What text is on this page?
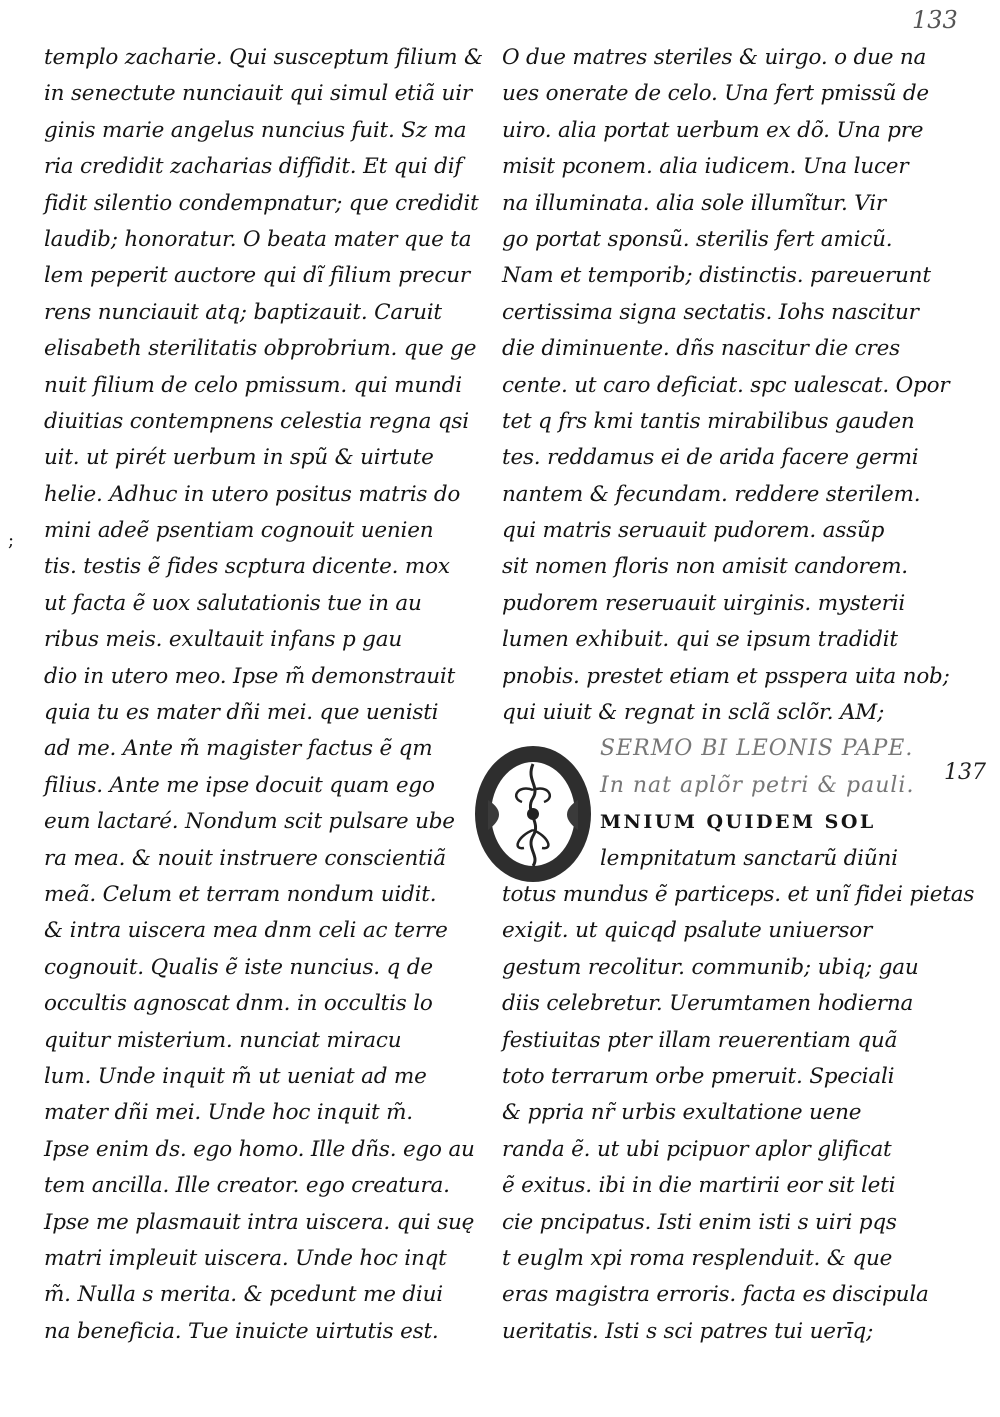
133
;
templo zacharie. Qui susceptum filium &
in senectute nunciauit qui simul etiã uir
ginis marie angelus nuncius fuit. Sz ma
ria credidit zacharias diffidit. Et qui dif
fidit silentio condempnatur; que credidit
laudib; honoratur. O beata mater que ta
lem peperit auctore qui dĩ filium precur
rens nunciauit atq; baptizauit. Caruit
elisabeth sterilitatis obprobrium. que ge
nuit filium de celo pmissum. qui mundi
diuitias contempnens celestia regna qsi
uit. ut pirét uerbum in spũ & uirtute
helie. Adhuc in utero positus matris do
mini adeẽ psentiam cognouit uenien
tis. testis ẽ fides scptura dicente. mox
ut facta ẽ uox salutationis tue in au
ribus meis. exultauit infans p gau
dio in utero meo. Ipse m̃ demonstrauit
quia tu es mater dñi mei. que uenisti
ad me. Ante m̃ magister factus ẽ qm
filius. Ante me ipse docuit quam ego
eum lactaré. Nondum scit pulsare ube
ra mea. & nouit instruere conscientiã
meã. Celum et terram nondum uidit.
& intra uiscera mea dnm celi ac terre
cognouit. Qualis ẽ iste nuncius. q de
occultis agnoscat dnm. in occultis lo
quitur misterium. nunciat miracu
lum. Unde inquit m̃ ut ueniat ad me
mater dñi mei. Unde hoc inquit m̃.
Ipse enim ds. ego homo. Ille dñs. ego au
tem ancilla. Ille creator. ego creatura.
Ipse me plasmauit intra uiscera. qui suę
matri impleuit uiscera. Unde hoc inqt
m̃. Nulla s merita. & pcedunt me diui
na beneficia. Tue inuicte uirtutis est.
O due matres steriles & uirgo. o due na
ues onerate de celo. Una fert pmissũ de
uiro. alia portat uerbum ex dõ. Una pre
misit pconem. alia iudicem. Una lucer
na illuminata. alia sole illumĩtur. Vir
go portat sponsũ. sterilis fert amicũ.
Nam et temporib; distinctis. pareuerunt
certissima signa sectatis. Iohs nascitur
die diminuente. dñs nascitur die cres
cente. ut caro deficiat. spc ualescat. Opor
tet q frs kmi tantis mirabilibus gauden
tes. reddamus ei de arida facere germi
nantem & fecundam. reddere sterilem.
qui matris seruauit pudorem. assũp
sit nomen floris non amisit candorem.
pudorem reseruauit uirginis. mysterii
lumen exhibuit. qui se ipsum tradidit
pnobis. prestet etiam et psspera uita nob;
qui uiuit & regnat in sclã sclõr. AM;
SERMO BI LEONIS PAPE.
In nat aplõr petri & pauli.
MNIUM QUIDEM SOL
lempnitatum sanctarũ diũni
totus mundus ẽ particeps. et unĩ fidei pietas
exigit. ut quicqd psalute uniuersor
gestum recolitur. communib; ubiq; gau
diis celebretur. Uerumtamen hodierna
festiuitas pter illam reuerentiam quã
toto terrarum orbe pmeruit. Speciali
& ppria nr̃ urbis exultatione uene
randa ẽ. ut ubi pcipuor aplor glificat
ẽ exitus. ibi in die martirii eor sit leti
cie pncipatus. Isti enim isti s uiri pqs
t euglm xpi roma resplenduit. & que
eras magistra erroris. facta es discipula
ueritatis. Isti s sci patres tui uerīq;
137
